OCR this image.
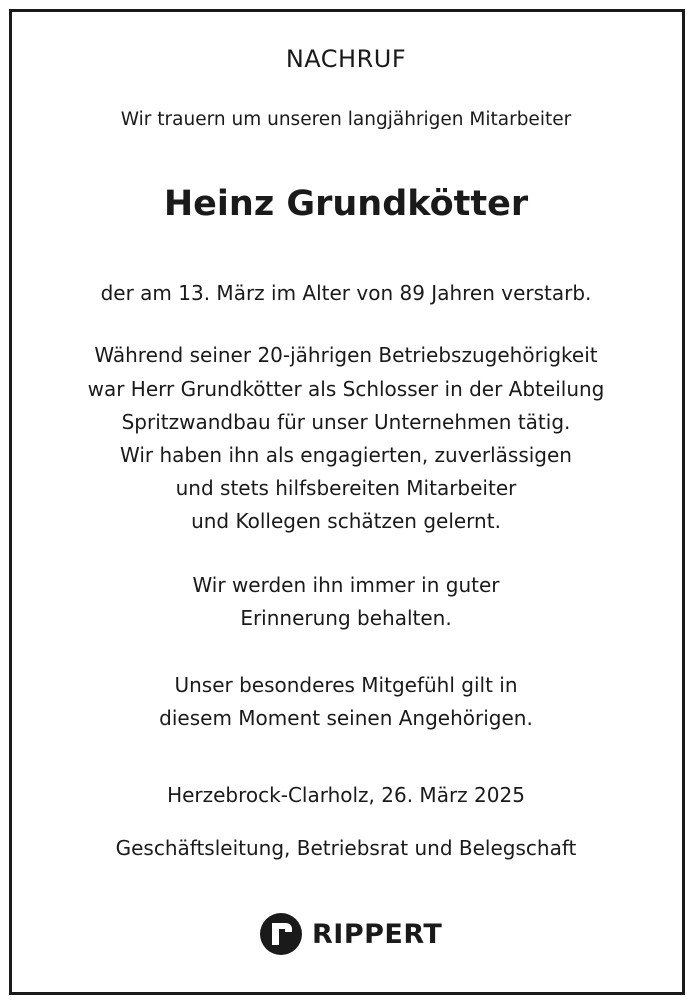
NACHRUF
Wir trauern um unseren langjährigen Mitarbeiter
Heinz Grundkötter
der am 13. März im Alter von 89 Jahren verstarb.
Während seiner 20-jährigen Betriebszugehörigkeit
war Herr Grundkötter als Schlosser in der Abteilung
Spritzwandbau für unser Unternehmen tätig.
Wir haben ihn als engagierten, zuverlässigen
und stets hilfsbereiten Mitarbeiter
und Kollegen schätzen gelernt.
Wir werden ihn immer in guter
Erinnerung behalten.
Unser besonderes Mitgefühl gilt in
diesem Moment seinen Angehörigen.
Herzebrock-Clarholz, 26. März 2025
Geschäftsleitung, Betriebsrat und Belegschaft
RIPPERT
